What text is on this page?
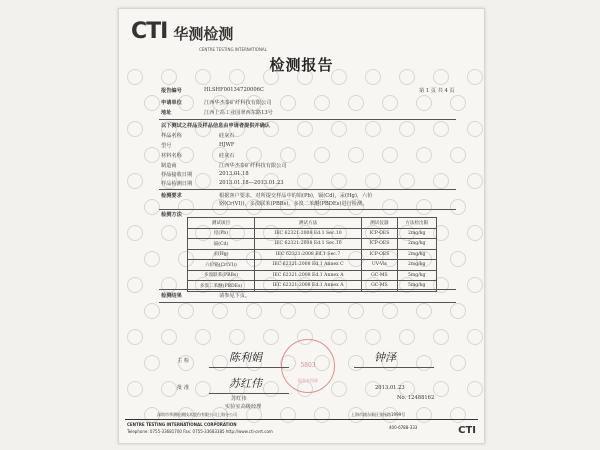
CTI 华测检测
CENTRE TESTING INTERNATIONAL
检测报告
报告编号	HLSHF00134720006C	第 1 页 共 4 页
申请单位	江西华杰泰矿纤科技有限公司
地址	江西上高工业园翠西东路13号
以下测试之样品及样品信息由申请者提供并确认
样品名称	硅灰石
型号	HJWF
材料名称	硅灰石
制造商	江西华杰泰矿纤科技有限公司
样品接收日期	2013.01.18
样品检测日期	2013.01.18—2013.01.23
检测要求	根据客户要求，对所提交样品中的铅(Pb)，镉(Cd)，汞(Hg)，六价
铬(Cr(VI))，多溴联苯(PBBs)，多溴二苯醚(PBDEs)进行检测。
检测方法
测试项目	测试方法	测试仪器	方法检出限
铅(Pb)	IEC 62321:2008 Ed.1 Sec.10	ICP-OES	2mg/kg
镉(Cd)	IEC 62321:2008 Ed.1 Sec.10	ICP-OES	2mg/kg
汞(Hg)	IEC 62321:2008 Ed.1 Sec.7	ICP-OES	2mg/kg
六价铬(Cr(VI))	IEC 62321:2008 Ed.1 Annex C	UV-Vis	2mg/kg
多溴联苯(PBBs)	IEC 62321:2008 Ed.1 Annex A	GC-MS	5mg/kg
多溴二苯醚(PBDEs)	IEC 62321:2008 Ed.1 Annex A	GC-MS	5mg/kg
检测结果	请参见下页。
主 检	陈利娟	钟泽
批 准	苏红伟	2013.01.23
苏红伟
实验室高级经理
No. 12488162
5803
报告专用章
深圳市华测检测技术股份有限公司上海分公司	上海市浦东新区张杨路1999号
CENTRE TESTING INTERNATIONAL CORPORATION
Telephone: 0755-33681700 Fax: 0755-33683385 http://www.cti-cert.com
400-6788-333	CTI
